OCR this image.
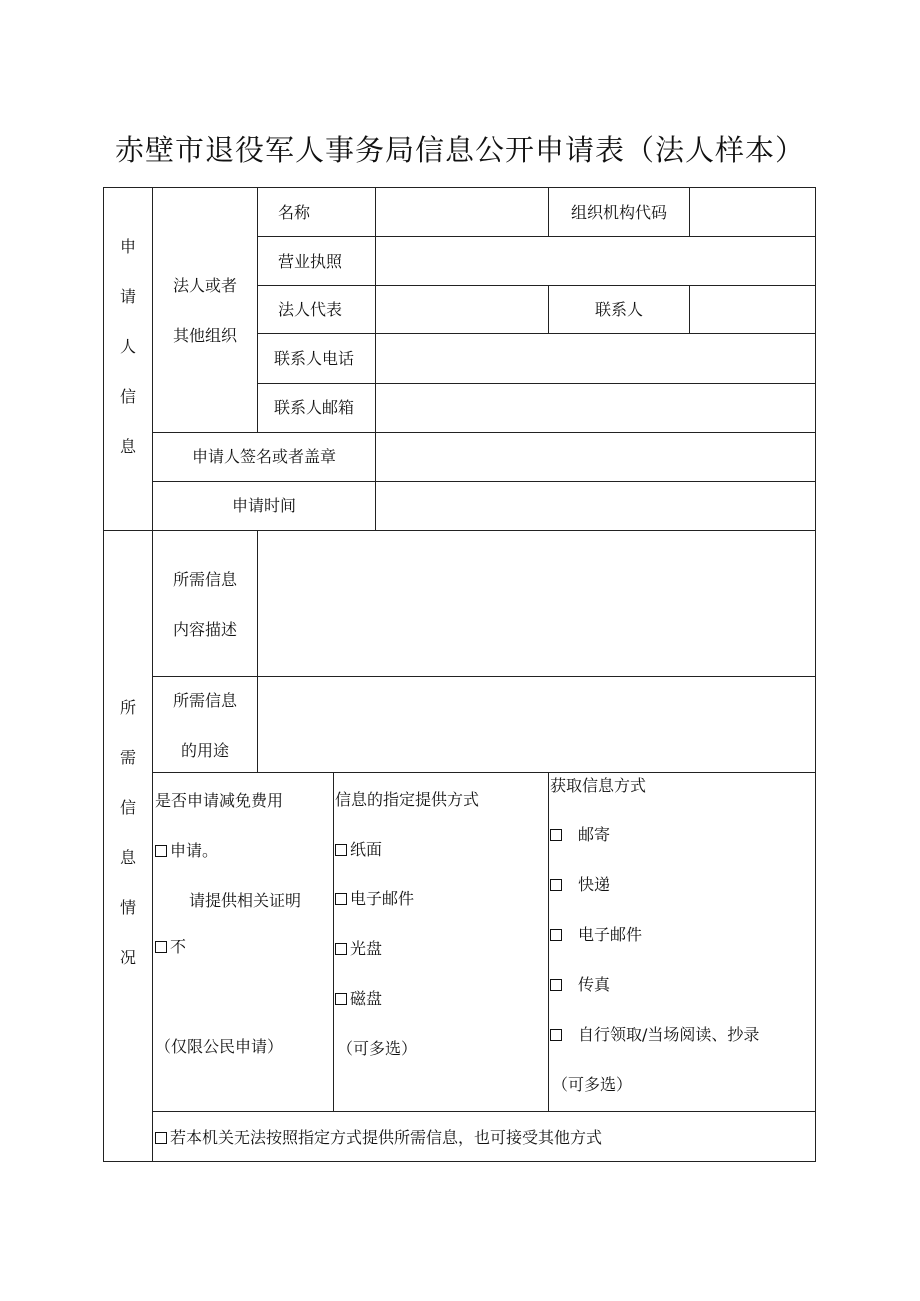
赤壁市退役军人事务局信息公开申请表（法人样本）
申
请
人
信
息
法人或者
其他组织
名称	组织机构代码
营业执照
法人代表	联系人
联系人电话
联系人邮箱
申请人签名或者盖章
申请时间
所
需
信
息
情
况
所需信息
内容描述
所需信息
的用途
是否申请减免费用
申请。
请提供相关证明
不
（仅限公民申请）
信息的指定提供方式
纸面
电子邮件
光盘
磁盘
（可多选）
获取信息方式
邮寄
快递
电子邮件
传真
自行领取/当场阅读、抄录
（可多选）
若本机关无法按照指定方式提供所需信息，也可接受其他方式
